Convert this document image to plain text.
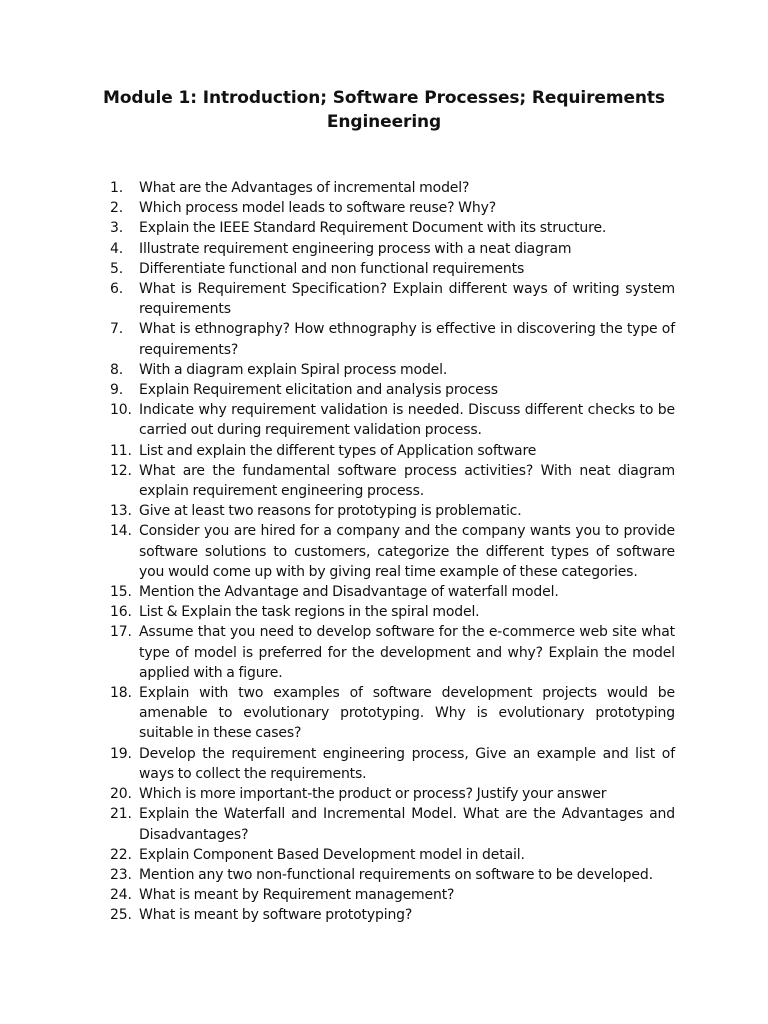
Module 1: Introduction; Software Processes; Requirements
Engineering
1.	What are the Advantages of incremental model?
2.	Which process model leads to software reuse? Why?
3.	Explain the IEEE Standard Requirement Document with its structure.
4.	Illustrate requirement engineering process with a neat diagram
5.	Differentiate functional and non functional requirements
6.	What is Requirement Specification? Explain different ways of writing system requirements
7.	What is ethnography? How ethnography is effective in discovering the type of requirements?
8.	With a diagram explain Spiral process model.
9.	Explain Requirement elicitation and analysis process
10. Indicate why requirement validation is needed. Discuss different checks to be carried out during requirement validation process.
11. List and explain the different types of Application software
12. What are the fundamental software process activities? With neat diagram explain requirement engineering process.
13. Give at least two reasons for prototyping is problematic.
14. Consider you are hired for a company and the company wants you to provide software solutions to customers, categorize the different types of software you would come up with by giving real time example of these categories.
15. Mention the Advantage and Disadvantage of waterfall model.
16. List & Explain the task regions in the spiral model.
17. Assume that you need to develop software for the e-commerce web site what type of model is preferred for the development and why? Explain the model applied with a figure.
18. Explain with two examples of software development projects would be amenable to evolutionary prototyping. Why is evolutionary prototyping suitable in these cases?
19. Develop the requirement engineering process, Give an example and list of ways to collect the requirements.
20. Which is more important-the product or process? Justify your answer
21. Explain the Waterfall and Incremental Model. What are the Advantages and Disadvantages?
22. Explain Component Based Development model in detail.
23. Mention any two non-functional requirements on software to be developed.
24. What is meant by Requirement management?
25. What is meant by software prototyping?
